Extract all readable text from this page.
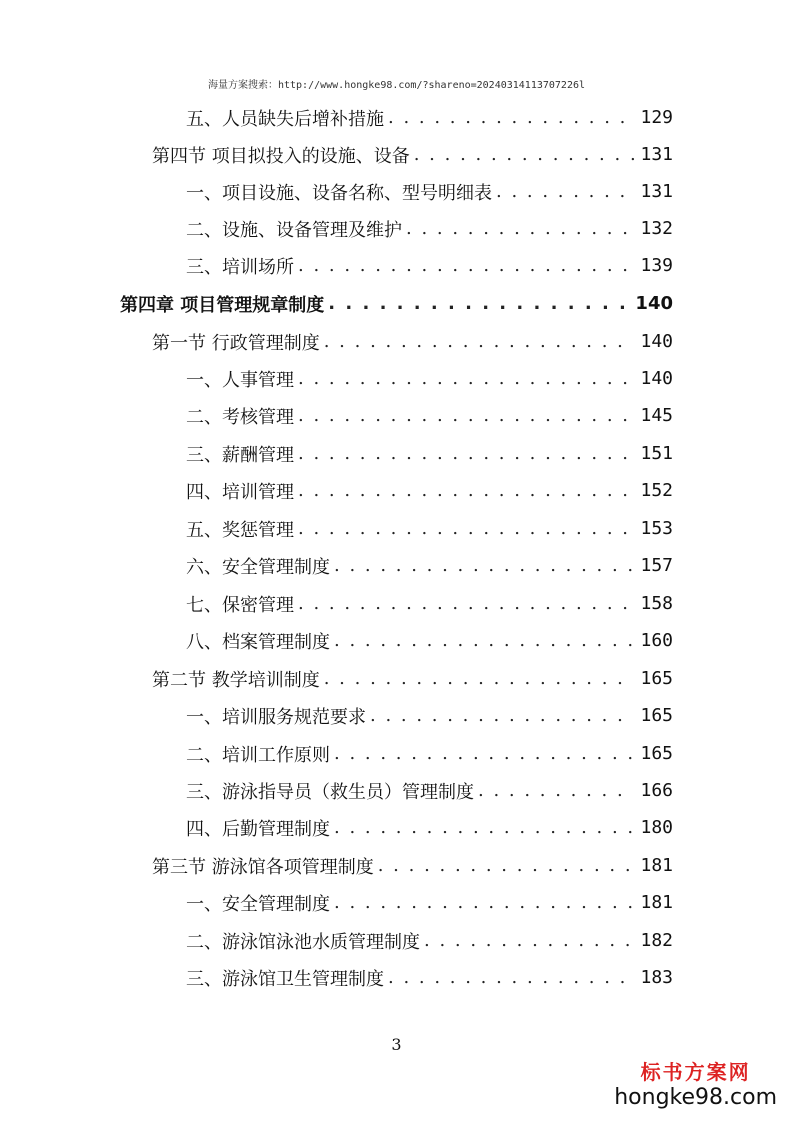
海量方案搜索：http://www.hongke98.com/?shareno=20240314113707226l
五、人员缺失后增补措施 . . .	129
第四节 项目拟投入的设施、设备 . . .	131
一、项目设施、设备名称、型号明细表 . . .	131
二、设施、设备管理及维护 . . .	132
三、培训场所 . . .	139
第四章 项目管理规章制度 . . .	140
第一节 行政管理制度 . . .	140
一、人事管理 . . .	140
二、考核管理 . . .	145
三、薪酬管理 . . .	151
四、培训管理 . . .	152
五、奖惩管理 . . .	153
六、安全管理制度 . . .	157
七、保密管理 . . .	158
八、档案管理制度 . . .	160
第二节 教学培训制度 . . .	165
一、培训服务规范要求 . . .	165
二、培训工作原则 . . .	165
三、游泳指导员（救生员）管理制度 . . .	166
四、后勤管理制度 . . .	180
第三节 游泳馆各项管理制度 . . .	181
一、安全管理制度 . . .	181
二、游泳馆泳池水质管理制度 . . .	182
三、游泳馆卫生管理制度 . . .	183
3
标书方案网
hongke98.com
